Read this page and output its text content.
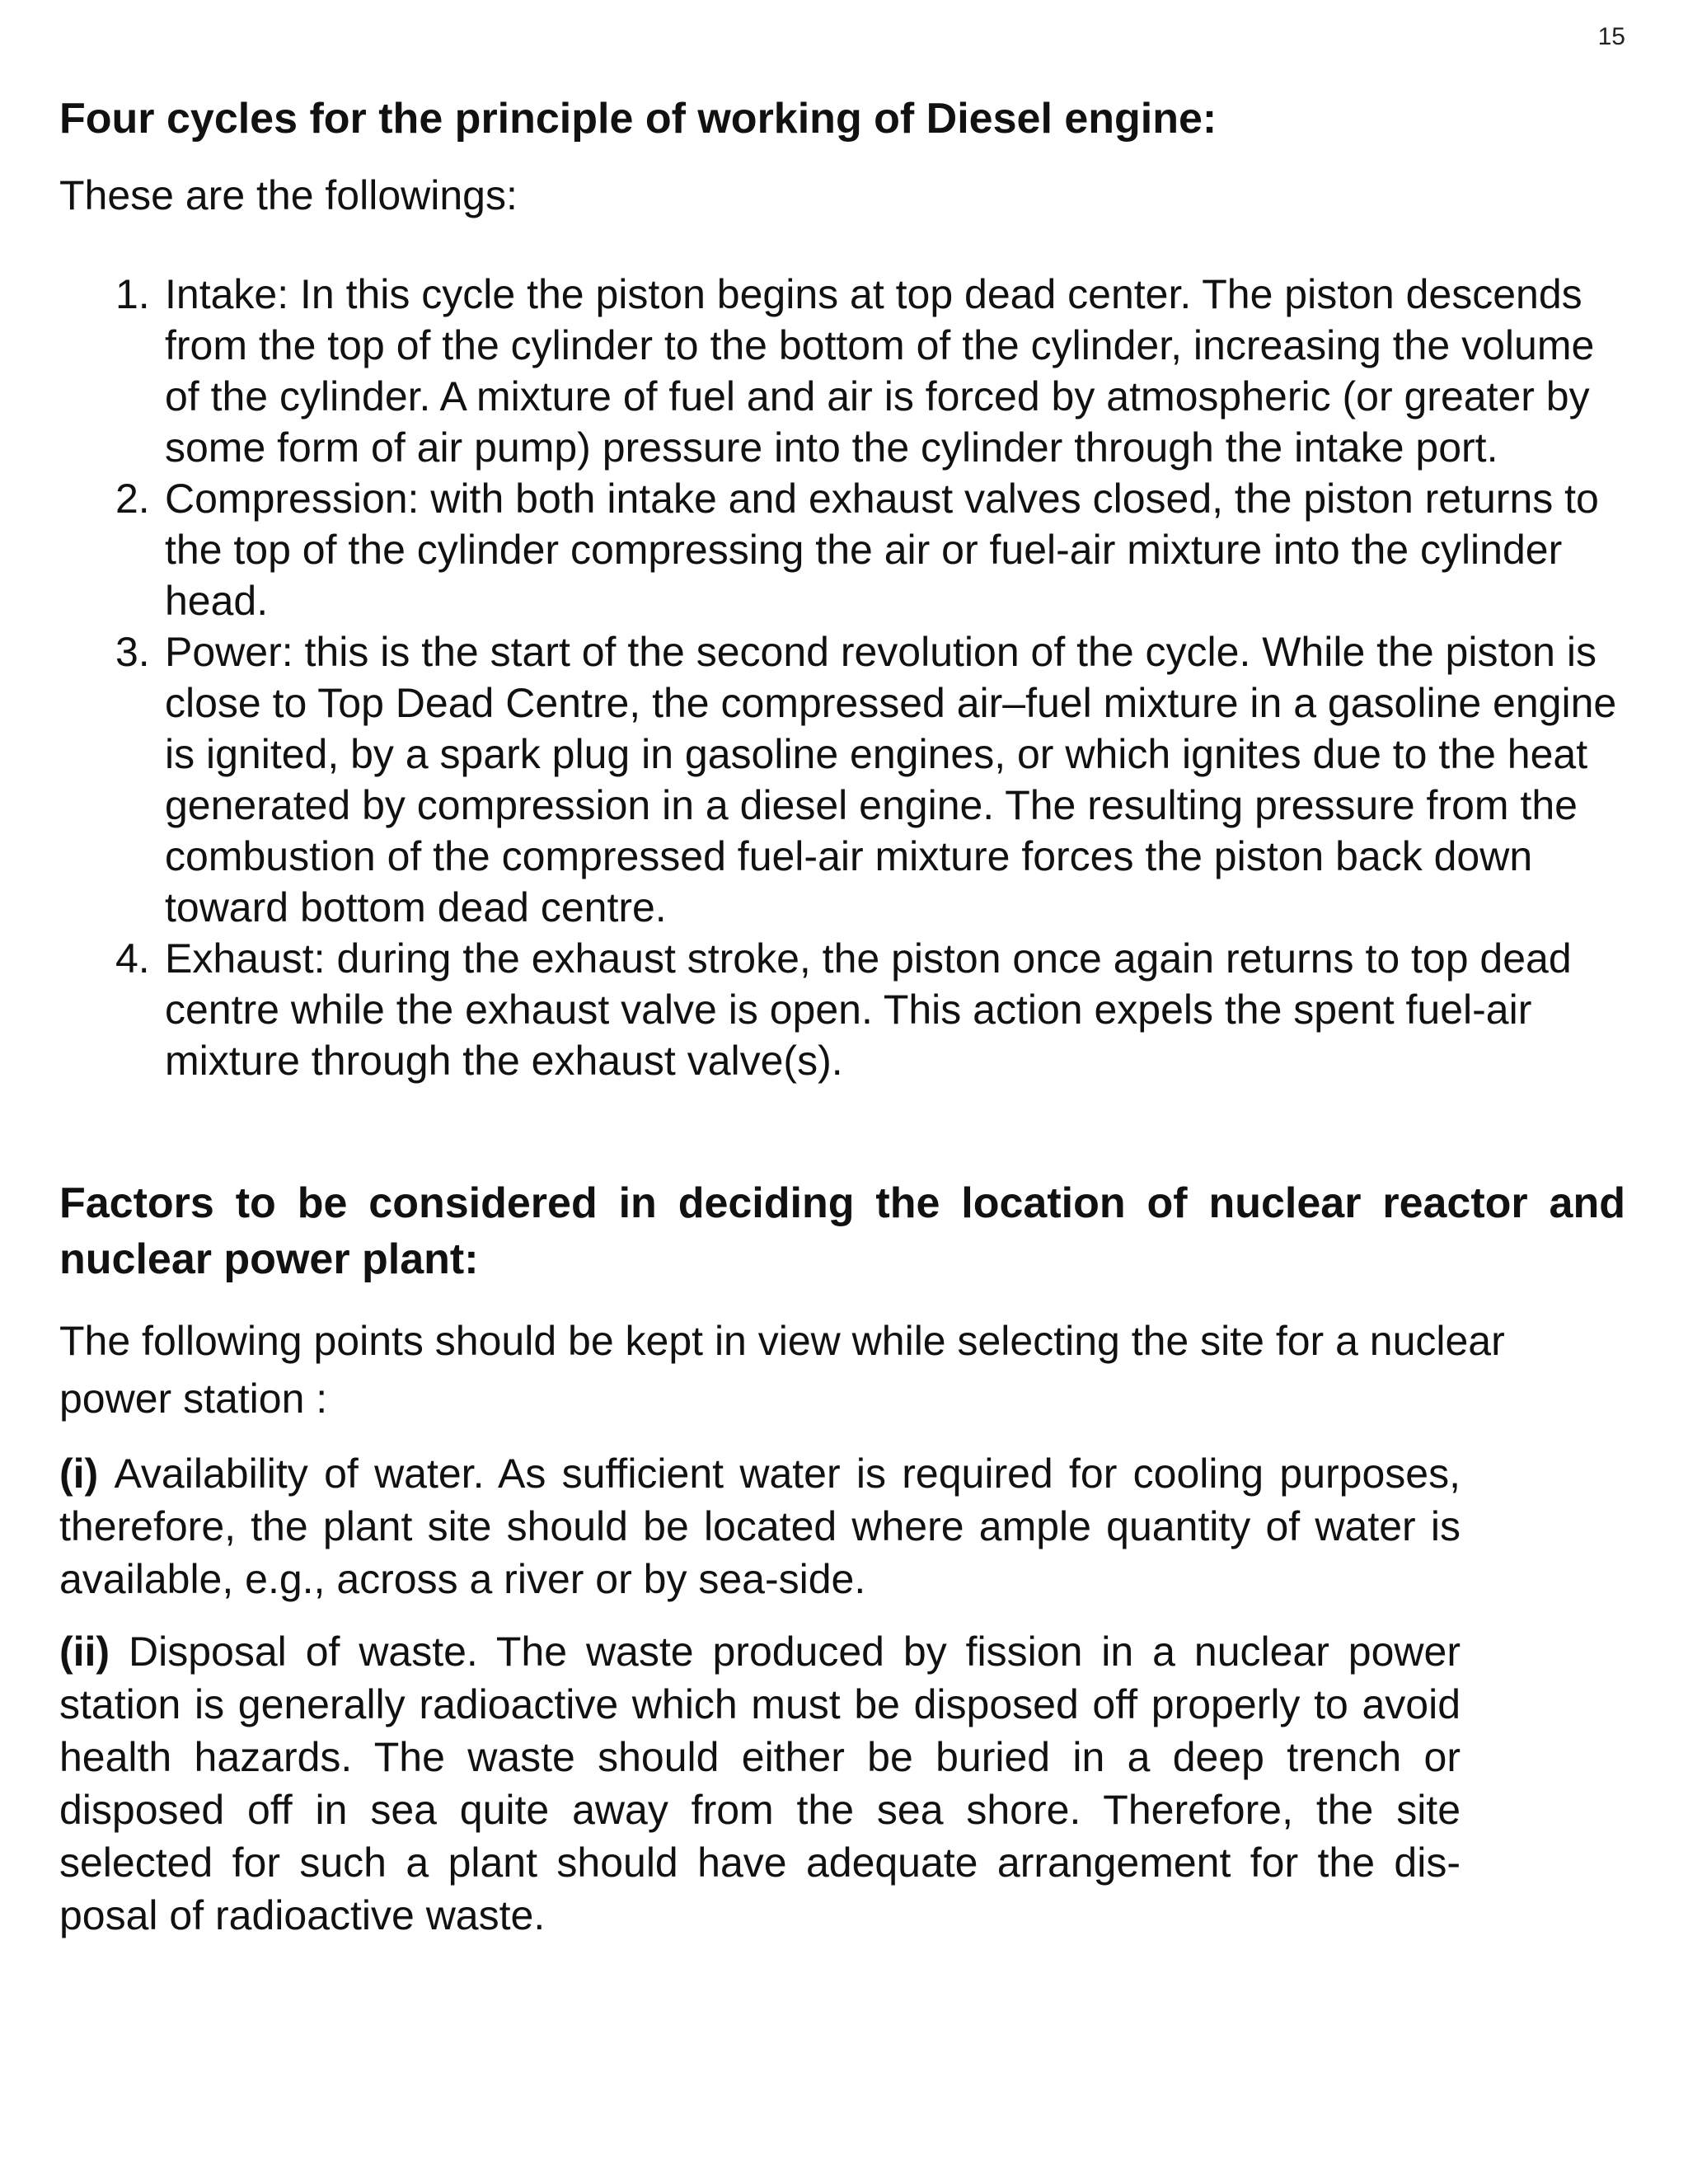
15
Four cycles for the principle of working of Diesel engine:

These are the followings:

1. Intake: In this cycle the piston begins at top dead center. The piston descends from the top of the cylinder to the bottom of the cylinder, increasing the volume of the cylinder. A mixture of fuel and air is forced by atmospheric (or greater by some form of air pump) pressure into the cylinder through the intake port.
2. Compression: with both intake and exhaust valves closed, the piston returns to the top of the cylinder compressing the air or fuel-air mixture into the cylinder head.
3. Power: this is the start of the second revolution of the cycle. While the piston is close to Top Dead Centre, the compressed air–fuel mixture in a gasoline engine is ignited, by a spark plug in gasoline engines, or which ignites due to the heat generated by compression in a diesel engine. The resulting pressure from the combustion of the compressed fuel-air mixture forces the piston back down toward bottom dead centre.
4. Exhaust: during the exhaust stroke, the piston once again returns to top dead centre while the exhaust valve is open. This action expels the spent fuel-air mixture through the exhaust valve(s).
Factors to be considered in deciding the location of nuclear reactor and nuclear power plant:

The following points should be kept in view while selecting the site for a nuclear power station :

(i) Availability of water. As sufficient water is required for cooling purposes, therefore, the plant site should be located where ample quantity of water is available, e.g., across a river or by sea-side.

(ii) Disposal of waste. The waste produced by fission in a nuclear power station is generally radioactive which must be disposed off properly to avoid health hazards. The waste should either be buried in a deep trench or disposed off in sea quite away from the sea shore. Therefore, the site selected for such a plant should have adequate arrangement for the dis- posal of radioactive waste.
